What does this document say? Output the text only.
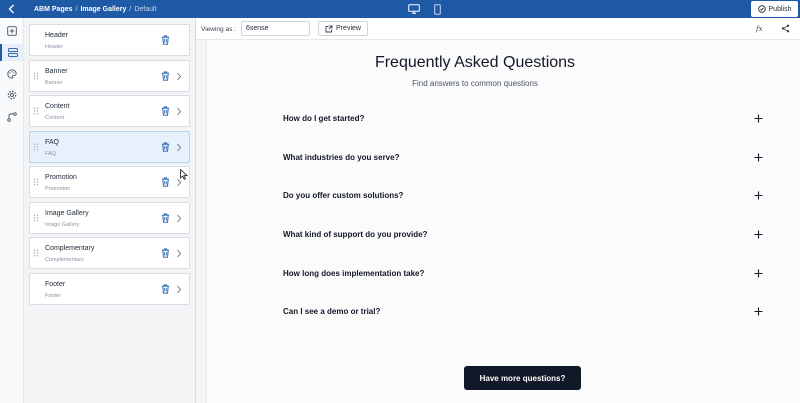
ABM Pages / Image Gallery / Default	Publish
Header
Header
Banner
Banner
Content
Content
FAQ
FAQ
Promotion
Promotion
Image Gallery
Image Gallery
Complementary
Complementary
Footer
Footer
Viewing as :
6sense	Preview	fx
Frequently Asked Questions
Find answers to common questions
Have more questions?
How do I get started?
What industries do you serve?
Do you offer custom solutions?
What kind of support do you provide?
How long does implementation take?
Can I see a demo or trial?
